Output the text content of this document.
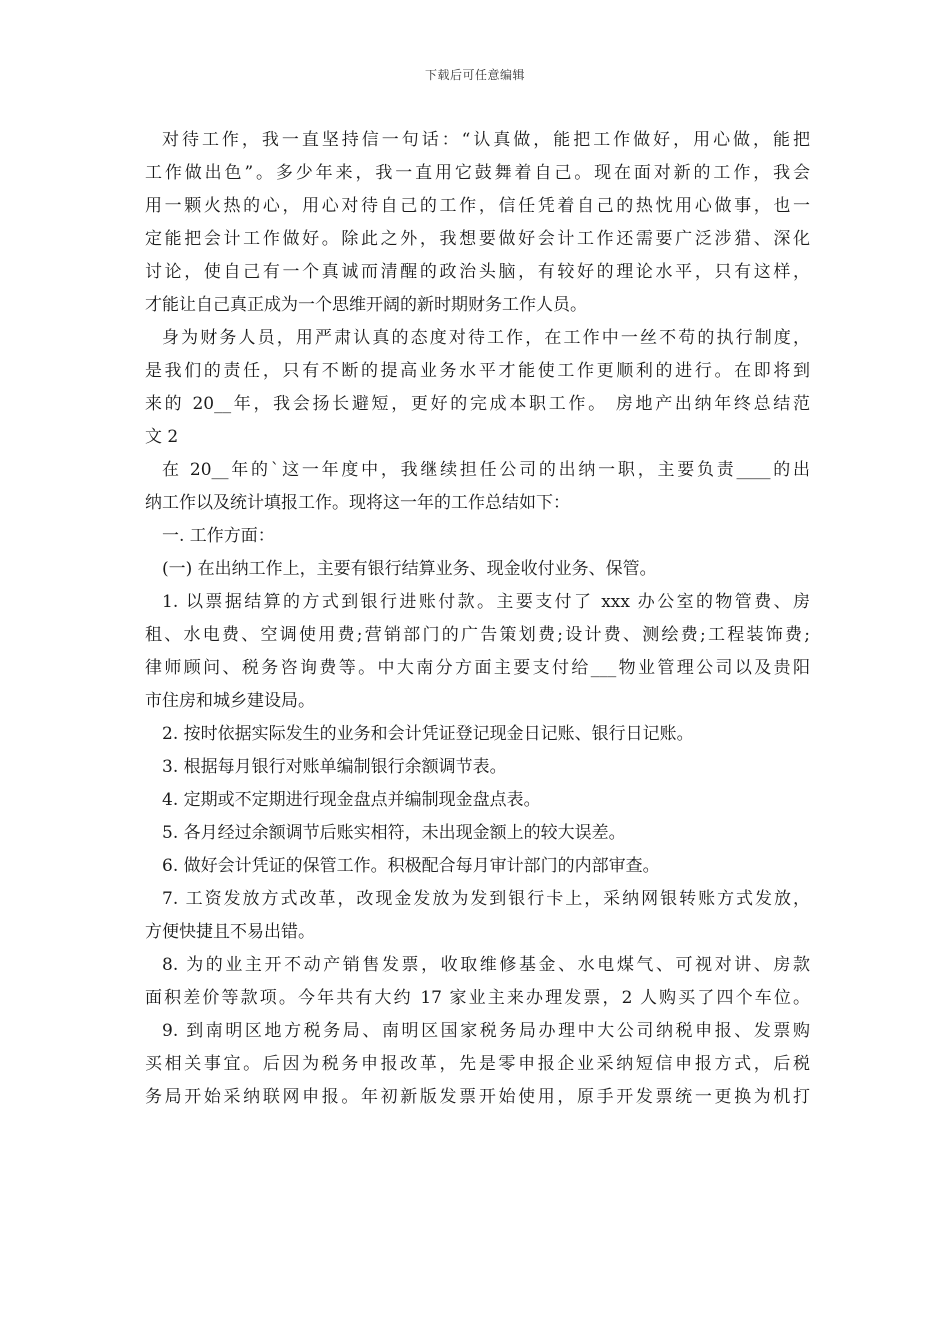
下载后可任意编辑
对待工作，我一直坚持信一句话：“认真做，能把工作做好，用心做，能把
工作做出色”。多少年来，我一直用它鼓舞着自己。现在面对新的工作，我会
用一颗火热的心，用心对待自己的工作，信任凭着自己的热忱用心做事，也一
定能把会计工作做好。除此之外，我想要做好会计工作还需要广泛涉猎、深化
讨论，使自己有一个真诚而清醒的政治头脑，有较好的理论水平，只有这样，
才能让自己真正成为一个思维开阔的新时期财务工作人员。
身为财务人员，用严肃认真的态度对待工作，在工作中一丝不苟的执行制度，
是我们的责任，只有不断的提高业务水平才能使工作更顺利的进行。在即将到
来的 20__年，我会扬长避短，更好的完成本职工作。 房地产出纳年终总结范
文 2
在 20__年的`这一年度中，我继续担任公司的出纳一职，主要负责____的出
纳工作以及统计填报工作。现将这一年的工作总结如下：
一. 工作方面：
(一) 在出纳工作上，主要有银行结算业务、现金收付业务、保管。
1. 以票据结算的方式到银行进账付款。主要支付了 xxx 办公室的物管费、房
租、水电费、空调使用费;营销部门的广告策划费;设计费、测绘费;工程装饰费;
律师顾问、税务咨询费等。中大南分方面主要支付给___物业管理公司以及贵阳
市住房和城乡建设局。
2. 按时依据实际发生的业务和会计凭证登记现金日记账、银行日记账。
3. 根据每月银行对账单编制银行余额调节表。
4. 定期或不定期进行现金盘点并编制现金盘点表。
5. 各月经过余额调节后账实相符，未出现金额上的较大误差。
6. 做好会计凭证的保管工作。积极配合每月审计部门的内部审查。
7. 工资发放方式改革，改现金发放为发到银行卡上，采纳网银转账方式发放，
方便快捷且不易出错。
8. 为的业主开不动产销售发票，收取维修基金、水电煤气、可视对讲、房款
面积差价等款项。今年共有大约 17 家业主来办理发票，2 人购买了四个车位。
9. 到南明区地方税务局、南明区国家税务局办理中大公司纳税申报、发票购
买相关事宜。后因为税务申报改革，先是零申报企业采纳短信申报方式，后税
务局开始采纳联网申报。年初新版发票开始使用，原手开发票统一更换为机打
